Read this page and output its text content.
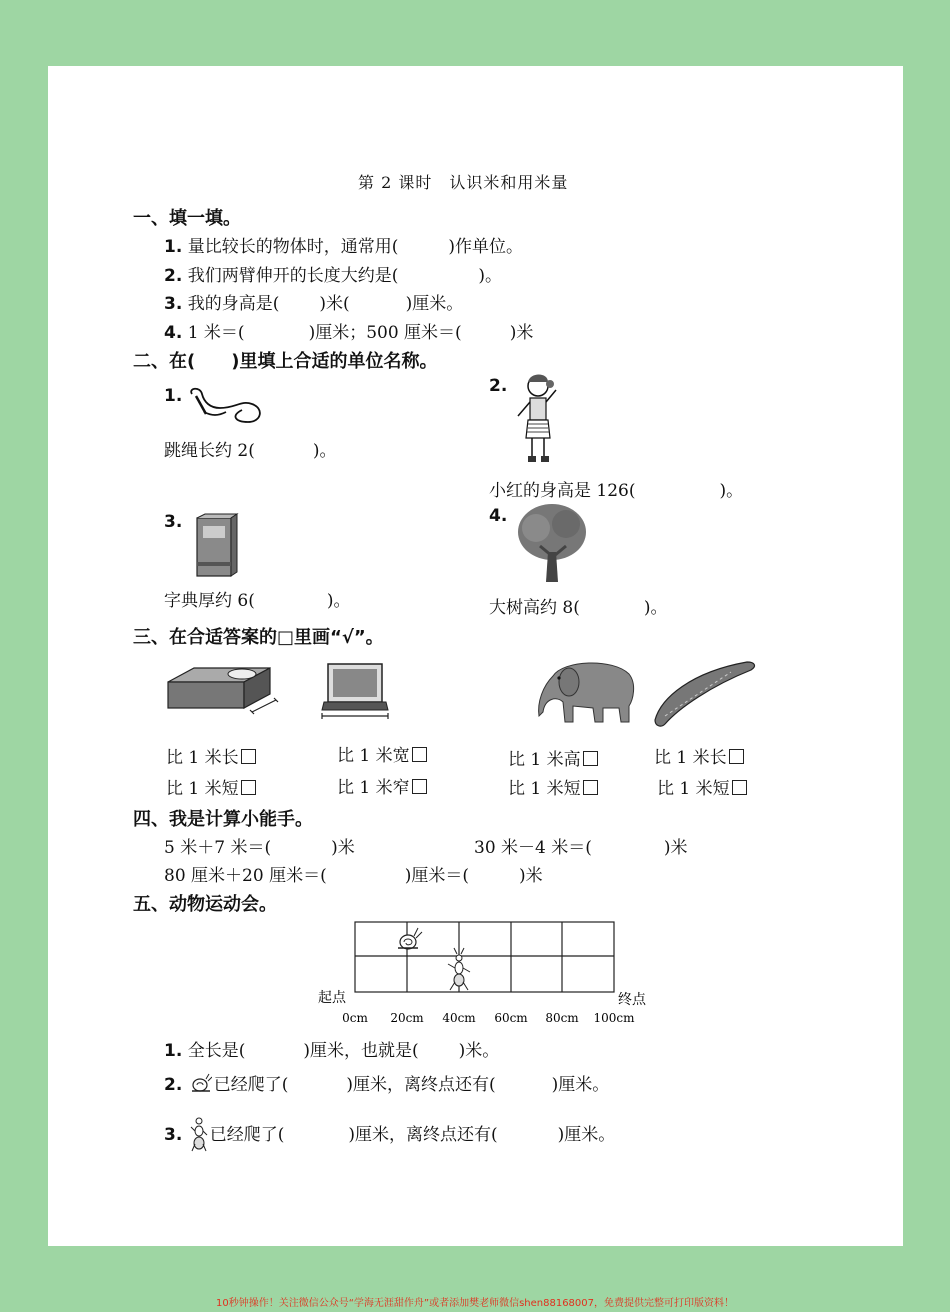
第 2 课时　认识米和用米量
一、填一填。
1. 量比较长的物体时，通常用(	)作单位。
2. 我们两臂伸开的长度大约是(	)。
3. 我的身高是( )米(	)厘米。
4. 1 米＝(	)厘米；500 厘米＝(	)米
二、在(　　)里填上合适的单位名称。
1.
跳绳长约 2(	)。
2.
小红的身高是 126(	)。
3.
字典厚约 6(	)。
4.
大树高约 8(	)。
三、在合适答案的□里画“√”。
比 1 米长
比 1 米短
比 1 米宽
比 1 米窄
比 1 米高
比 1 米短
比 1 米长
比 1 米短
四、我是计算小能手。
5 米＋7 米＝(	)米	30 米－4 米＝(	)米
80 厘米＋20 厘米＝(	)厘米＝(	)米
五、动物运动会。
起点	终点
0cm 20cm 40cm 60cm 80cm 100cm
1. 全长是(	)厘米，也就是( )米。
2. 已经爬了(	)厘米，离终点还有(	)厘米。
3. 已经爬了(	)厘米，离终点还有(	)厘米。
10秒钟操作！关注微信公众号“学海无涯甜作舟”或者添加樊老师微信shen88168007，免费提供完整可打印版资料！
